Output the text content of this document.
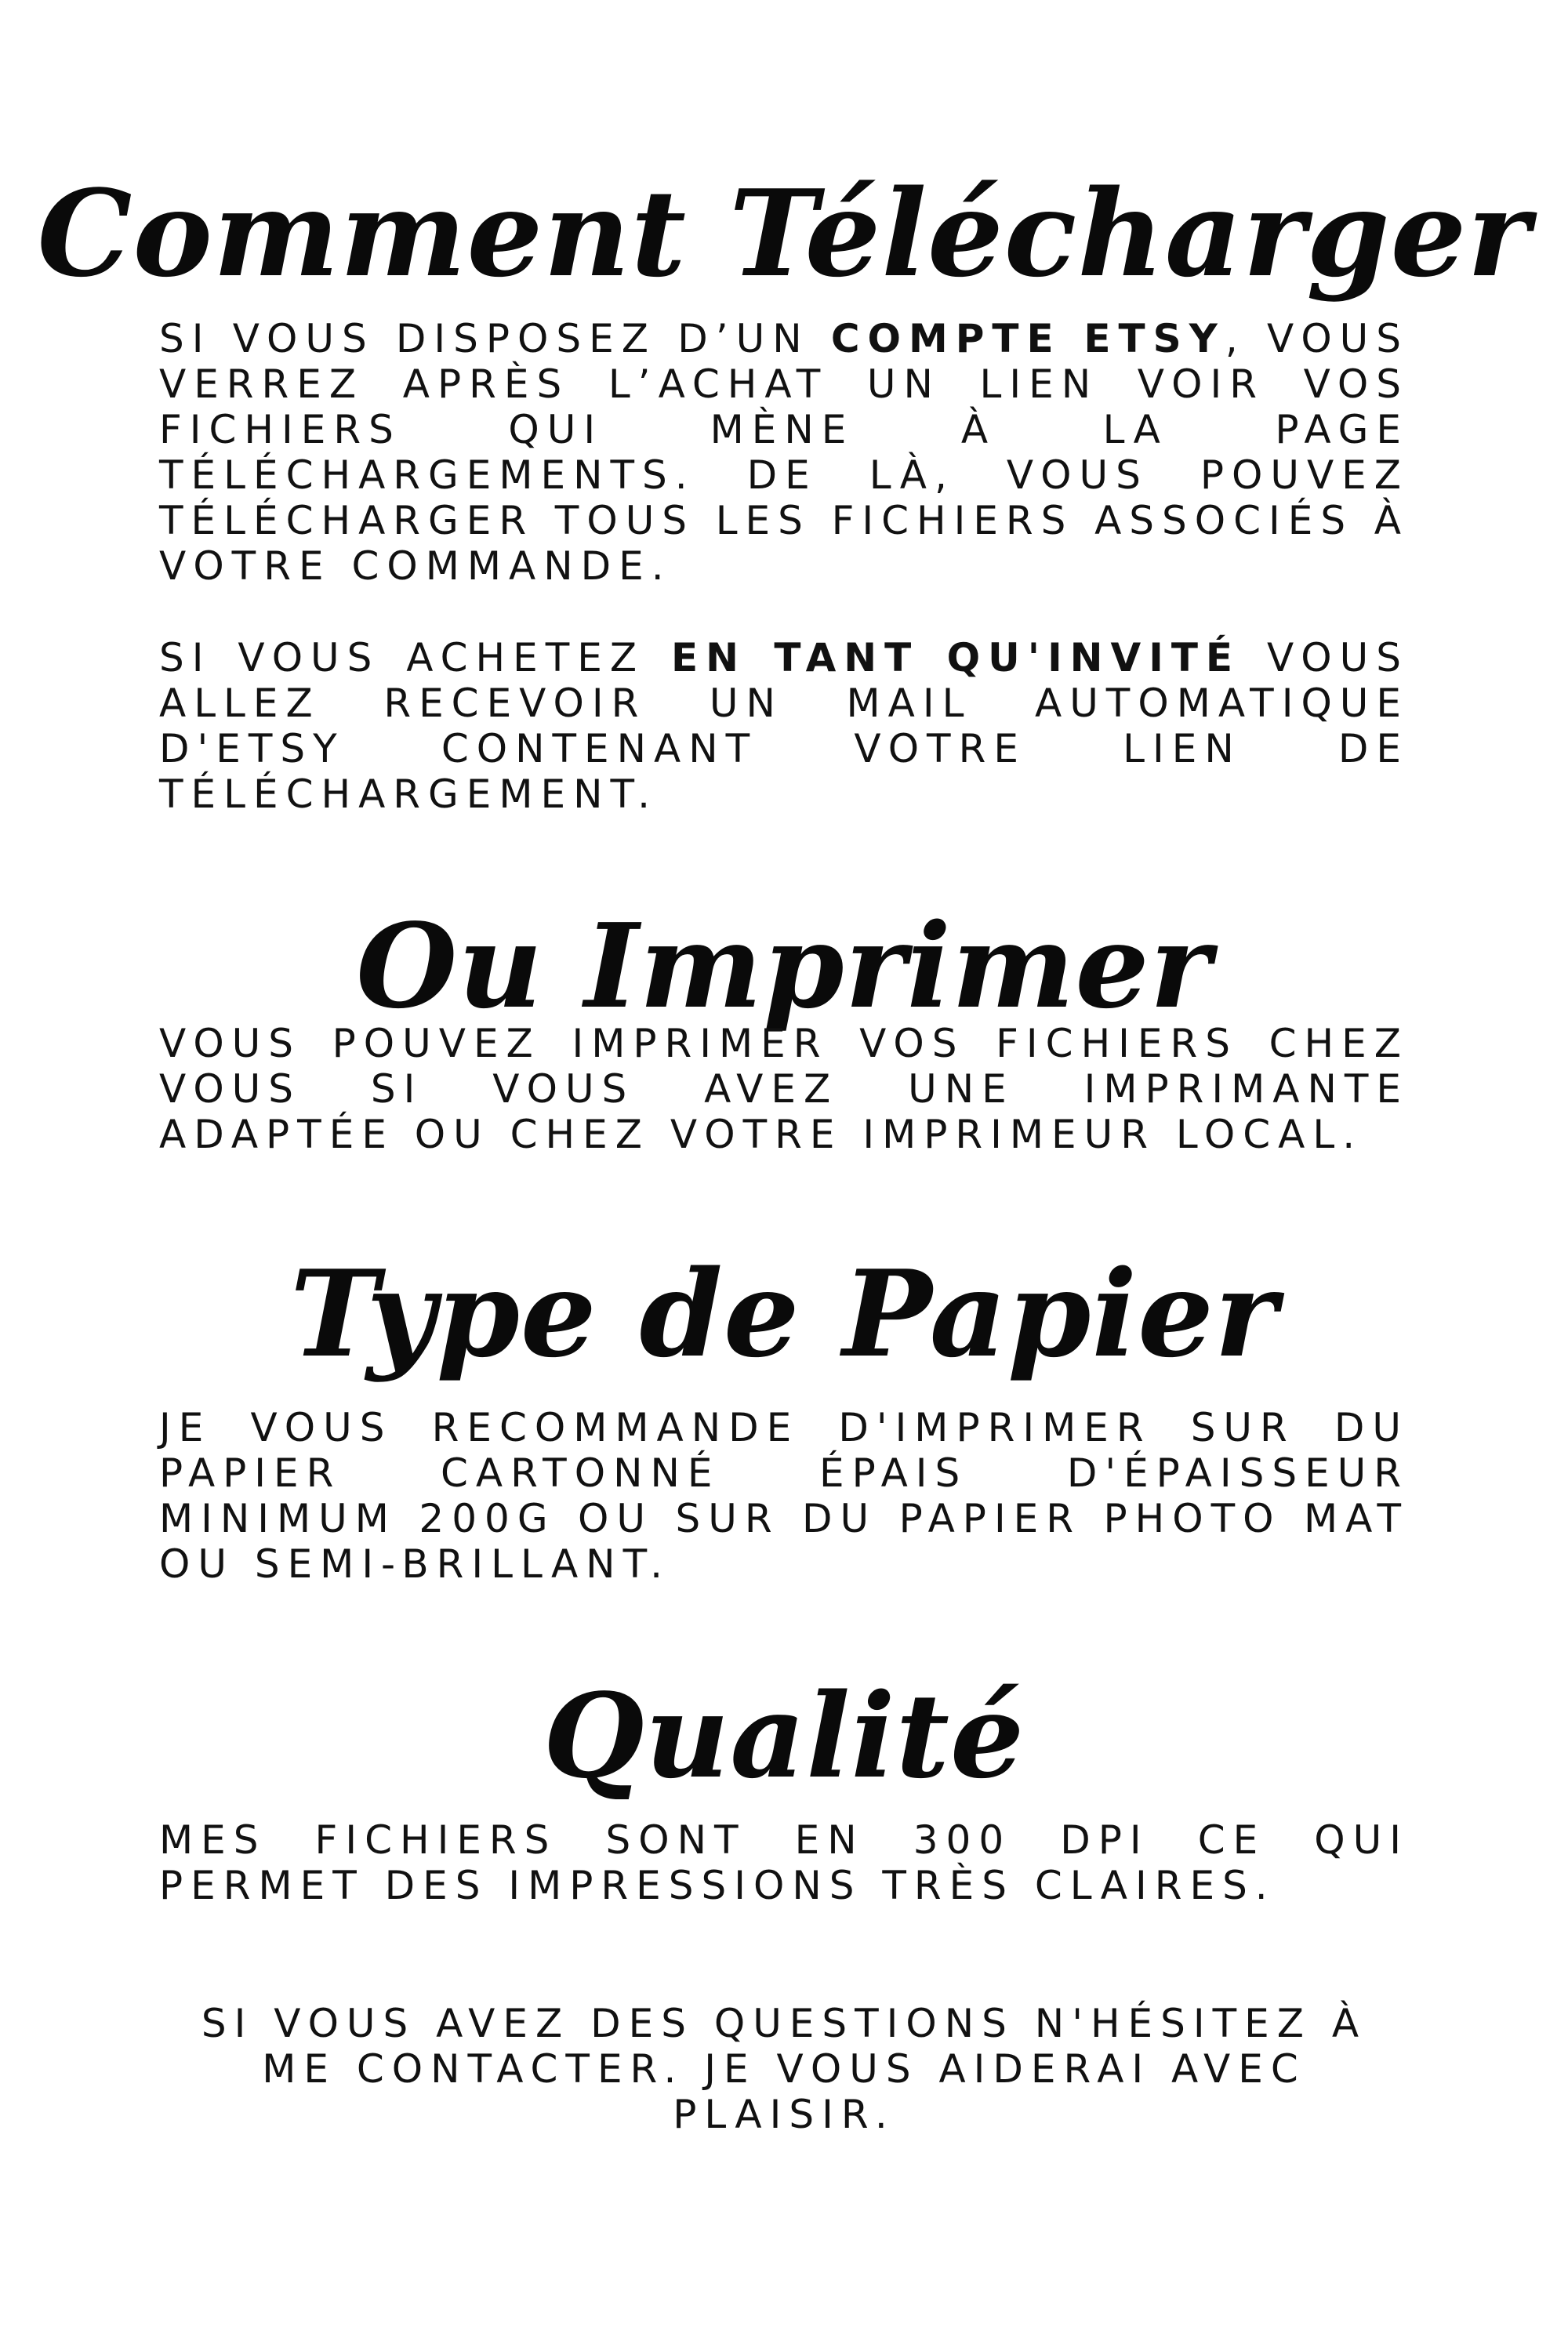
Comment Télécharger

SI VOUS DISPOSEZ D’UN COMPTE ETSY, VOUS VERREZ APRÈS L’ACHAT UN LIEN VOIR VOS FICHIERS QUI MÈNE À LA PAGE TÉLÉCHARGEMENTS. DE LÀ, VOUS POUVEZ TÉLÉCHARGER TOUS LES FICHIERS ASSOCIÉS À VOTRE COMMANDE.

SI VOUS ACHETEZ EN TANT QU'INVITÉ VOUS ALLEZ RECEVOIR UN MAIL AUTOMATIQUE D'ETSY CONTENANT VOTRE LIEN DE TÉLÉCHARGEMENT.

Ou Imprimer

VOUS POUVEZ IMPRIMER VOS FICHIERS CHEZ VOUS SI VOUS AVEZ UNE IMPRIMANTE ADAPTÉE OU CHEZ VOTRE IMPRIMEUR LOCAL.

Type de Papier

JE VOUS RECOMMANDE D'IMPRIMER SUR DU PAPIER CARTONNÉ ÉPAIS D'ÉPAISSEUR MINIMUM 200G OU SUR DU PAPIER PHOTO MAT OU SEMI-BRILLANT.

Qualité

MES FICHIERS SONT EN 300 DPI CE QUI PERMET DES IMPRESSIONS TRÈS CLAIRES.

SI VOUS AVEZ DES QUESTIONS N'HÉSITEZ À ME CONTACTER. JE VOUS AIDERAI AVEC PLAISIR.
